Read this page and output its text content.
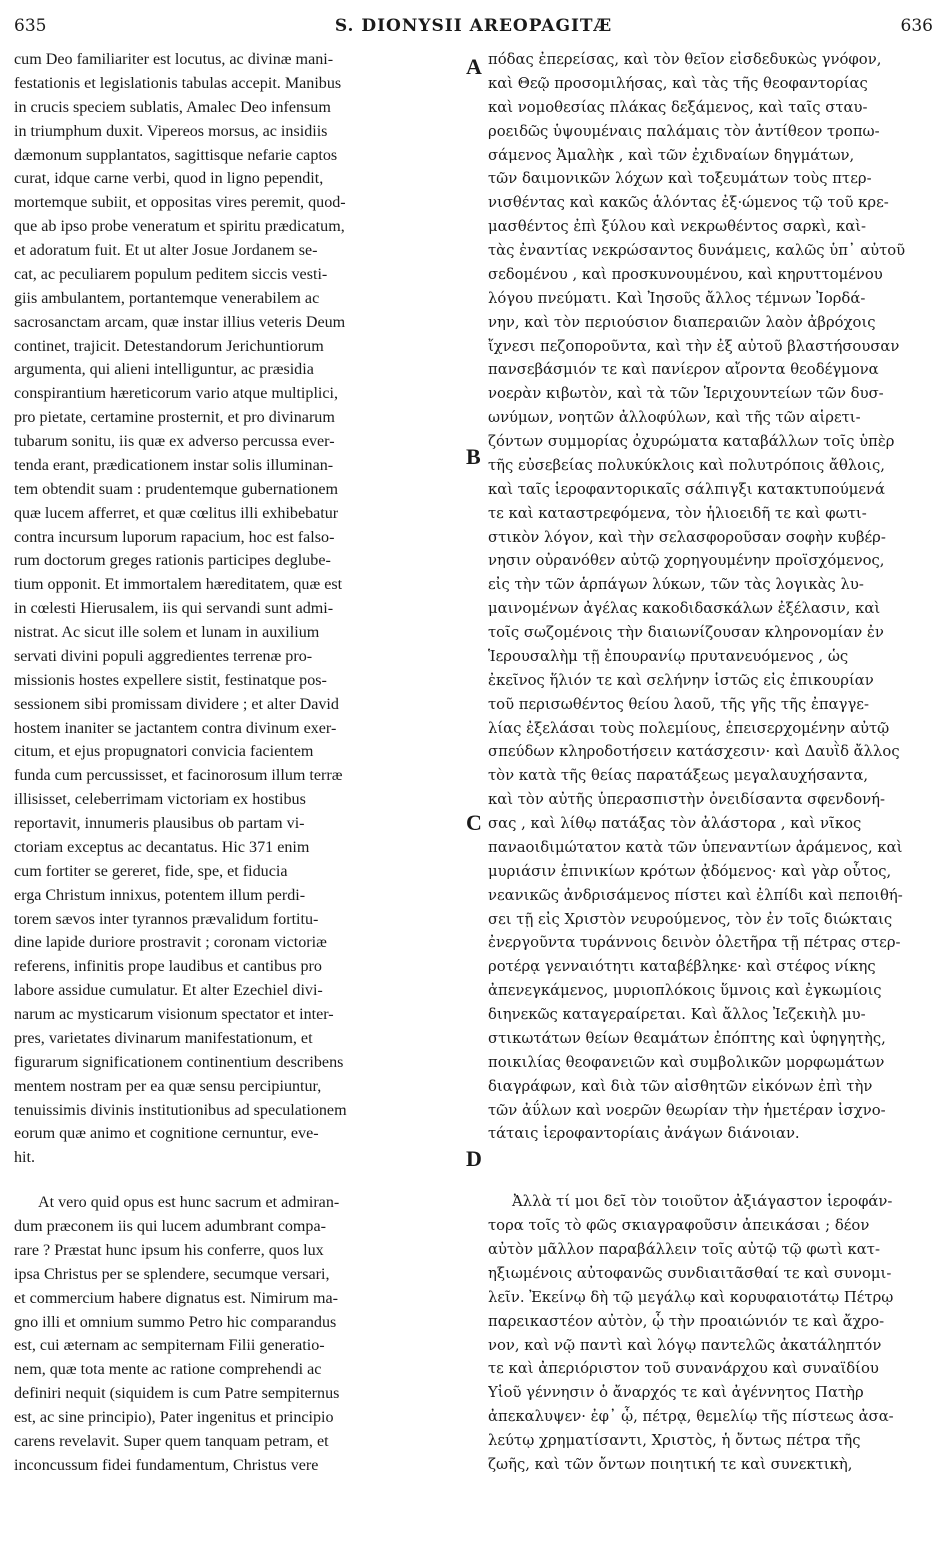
635	S. DIONYSII AREOPAGITÆ	636
cum Deo familiariter est locutus, ac divinæ mani-
festationis et legislationis tabulas accepit. Manibus
in crucis speciem sublatis, Amalec Deo infensum
in triumphum duxit. Vipereos morsus, ac insidiis
dæmonum supplantatos, sagittisque nefarie captos
curat, idque carne verbi, quod in ligno pependit,
mortemque subiit, et oppositas vires peremit, quod-
que ab ipso probe veneratum et spiritu prædicatum,
et adoratum fuit. Et ut alter Josue Jordanem se-
cat, ac peculiarem populum peditem siccis vesti-
giis ambulantem, portantemque venerabilem ac
sacrosanctam arcam, quæ instar illius veteris Deum
continet, trajicit. Detestandorum Jerichuntiorum
argumenta, qui alieni intelliguntur, ac præsidia
conspirantium hæreticorum vario atque multiplici,
pro pietate, certamine prosternit, et pro divinarum
tubarum sonitu, iis quæ ex adverso percussa ever-
tenda erant, prædicationem instar solis illuminan-
tem obtendit suam : prudentemque gubernationem
quæ lucem afferret, et quæ cœlitus illi exhibebatur
contra incursum luporum rapacium, hoc est falso-
rum doctorum greges rationis participes deglube-
tium opponit. Et immortalem hæreditatem, quæ est
in cœlesti Hierusalem, iis qui servandi sunt admi-
nistrat. Ac sicut ille solem et lunam in auxilium
servati divini populi aggredientes terrenæ pro-
missionis hostes expellere sistit, festinatque pos-
sessionem sibi promissam dividere ; et alter David
hostem inaniter se jactantem contra divinum exer-
citum, et ejus propugnatori convicia facientem
funda cum percussisset, et facinorosum illum terræ
illisisset, celeberrimam victoriam ex hostibus
reportavit, innumeris plausibus ob partam vi-
ctoriam exceptus ac decantatus. Hic 371 enim
cum fortiter se gereret, fide, spe, et fiducia
erga Christum innixus, potentem illum perdi-
torem sævos inter tyrannos prævalidum fortitu-
dine lapide duriore prostravit ; coronam victoriæ
referens, infinitis prope laudibus et cantibus pro
labore assidue cumulatur. Et alter Ezechiel divi-
narum ac mysticarum visionum spectator et inter-
pres, varietates divinarum manifestationum, et
figurarum significationem continentium describens
mentem nostram per ea quæ sensu percipiuntur,
tenuissimis divinis institutionibus ad speculationem
eorum quæ animo et cognitione cernuntur, eve-
hit.
At vero quid opus est hunc sacrum et admiran-
dum præconem iis qui lucem adumbrant compa-
rare ? Præstat hunc ipsum his conferre, quos lux
ipsa Christus per se splendere, secumque versari,
et commercium habere dignatus est. Nimirum ma-
gno illi et omnium summo Petro hic comparandus
est, cui æternam ac sempiternam Filii generatio-
nem, quæ tota mente ac ratione comprehendi ac
definiri nequit (siquidem is cum Patre sempiternus
est, ac sine principio), Pater ingenitus et principio
carens revelavit. Super quem tanquam petram, et
inconcussum fidei fundamentum, Christus vere
A
B
C
D
πόδας ἐπερείσας, καὶ τὸν θεῖον εἰσδεδυκὼς γνόφον,
καὶ Θεῷ προσομιλήσας, καὶ τὰς τῆς θεοφαντορίας
καὶ νομοθεσίας πλάκας δεξάμενος, καὶ ταῖς σταυ-
ροειδῶς ὑψουμέναις παλάμαις τὸν ἀντίθεον τροπω-
σάμενος Ἀμαλὴκ , καὶ τῶν ἐχιδναίων δηγμάτων,
τῶν δαιμονικῶν λόχων καὶ τοξευμάτων τοὺς πτερ-
νισθέντας καὶ κακῶς ἁλόντας ἐξ·ώμενος τῷ τοῦ κρε-
μασθέντος ἐπὶ ξύλου καὶ νεκρωθέντος σαρκὶ, καὶ-
τὰς ἐναντίας νεκρώσαντος δυνάμεις, καλῶς ὑπ᾽ αὐτοῦ
σεδομένου , καὶ προσκυνουμένου, καὶ κηρυττομένου
λόγου πνεύματι. Καὶ Ἰησοῦς ἄλλος τέμνων Ἰορδά-
νην, καὶ τὸν περιούσιον διαπεραιῶν λαὸν ἀβρόχοις
ἴχνεσι πεζοποροῦντα, καὶ τὴν ἐξ αὐτοῦ βλαστήσουσαν
πανσεβάσμιόν τε καὶ πανίερον αἴροντα θεοδέγμονα
νοερὰν κιβωτὸν, καὶ τὰ τῶν Ἱεριχουντείων τῶν δυσ-
ωνύμων, νοητῶν ἀλλοφύλων, καὶ τῆς τῶν αἱρετι-
ζόντων συμμορίας ὀχυρώματα καταβάλλων τοῖς ὑπὲρ
τῆς εὐσεβείας πολυκύκλοις καὶ πολυτρόποις ἄθλοις,
καὶ ταῖς ἱεροφαντορικαῖς σάλπιγξι κατακτυπούμενά
τε καὶ καταστρεφόμενα, τὸν ἡλιοειδῆ τε καὶ φωτι-
στικὸν λόγον, καὶ τὴν σελασφοροῦσαν σοφὴν κυβέρ-
νησιν οὐρανόθεν αὐτῷ χορηγουμένην προϊσχόμενος,
εἰς τὴν τῶν ἁρπάγων λύκων, τῶν τὰς λογικὰς λυ-
μαινομένων ἀγέλας κακοδιδασκάλων ἐξέλασιν, καὶ
τοῖς σωζομένοις τὴν διαιωνίζουσαν κληρονομίαν ἐν
Ἱερουσαλὴμ τῇ ἐπουρανίῳ πρυτανευόμενος , ὡς
ἐκεῖνος ἥλιόν τε καὶ σελήνην ἱστῶς εἰς ἐπικουρίαν
τοῦ περισωθέντος θείου λαοῦ, τῆς γῆς τῆς ἐπαγγε-
λίας ἐξελάσαι τοὺς πολεμίους, ἐπεισερχομένην αὐτῷ
σπεύδων κληροδοτήσειν κατάσχεσιν· καὶ Δαυῒδ ἄλλος
τὸν κατὰ τῆς θείας παρατάξεως μεγαλαυχήσαντα,
καὶ τὸν αὐτῆς ὑπερασπιστὴν ὀνειδίσαντα σφενδονή-
σας , καὶ λίθῳ πατάξας τὸν ἀλάστορα , καὶ νῖκος
πανaοιδιμώτατον κατὰ τῶν ὑπεναντίων ἀράμενος, καὶ
μυριάσιν ἐπινικίων κρότων ᾀδόμενος· καὶ γὰρ οὗτος,
νεανικῶς ἀνδρισάμενος πίστει καὶ ἐλπίδι καὶ πεποιθή-
σει τῇ εἰς Χριστὸν νευρούμενος, τὸν ἐν τοῖς διώκταις
ἐνεργοῦντα τυράννοις δεινὸν ὀλετῆρα τῇ πέτρας στερ-
ροτέρᾳ γενναιότητι καταβέβληκε· καὶ στέφος νίκης
ἀπενεγκάμενος, μυριοπλόκοις ὕμνοις καὶ ἐγκωμίοις
διηνεκῶς καταγεραίρεται. Καὶ ἄλλος Ἰεζεκιὴλ μυ-
στικωτάτων θείων θεαμάτων ἐπόπτης καὶ ὑφηγητὴς,
ποικιλίας θεοφανειῶν καὶ συμβολικῶν μορφωμάτων
διαγράφων, καὶ διὰ τῶν αἰσθητῶν εἰκόνων ἐπὶ τὴν
τῶν ἀΰλων καὶ νοερῶν θεωρίαν τὴν ἡμετέραν ἰσχνο-
τάταις ἱεροφαντορίαις ἀνάγων διάνοιαν.
Ἀλλὰ τί μοι δεῖ τὸν τοιοῦτον ἀξιάγαστον ἱεροφάν-
τορα τοῖς τὸ φῶς σκιαγραφοῦσιν ἀπεικάσαι ; δέον
αὐτὸν μᾶλλον παραβάλλειν τοῖς αὐτῷ τῷ φωτὶ κατ-
ηξιωμένοις αὐτοφανῶς συνδιαιτᾶσθαί τε καὶ συνομι-
λεῖν. Ἐκείνῳ δὴ τῷ μεγάλῳ καὶ κορυφαιοτάτῳ Πέτρῳ
παρεικαστέον αὐτὸν, ᾧ τὴν προαιώνιόν τε καὶ ἄχρο-
νον, καὶ νῷ παντὶ καὶ λόγῳ παντελῶς ἀκατάληπτόν
τε καὶ ἀπεριόριστον τοῦ συνανάρχου καὶ συναϊδίου
Υἱοῦ γέννησιν ὁ ἄναρχός τε καὶ ἀγέννητος Πατὴρ
ἀπεκαλυψεν· ἐφ᾽ ᾧ, πέτρᾳ, θεμελίῳ τῆς πίστεως ἀσα-
λεύτῳ χρηματίσαντι, Χριστὸς, ἡ ὄντως πέτρα τῆς
ζωῆς, καὶ τῶν ὄντων ποιητική τε καὶ συνεκτικὴ,
